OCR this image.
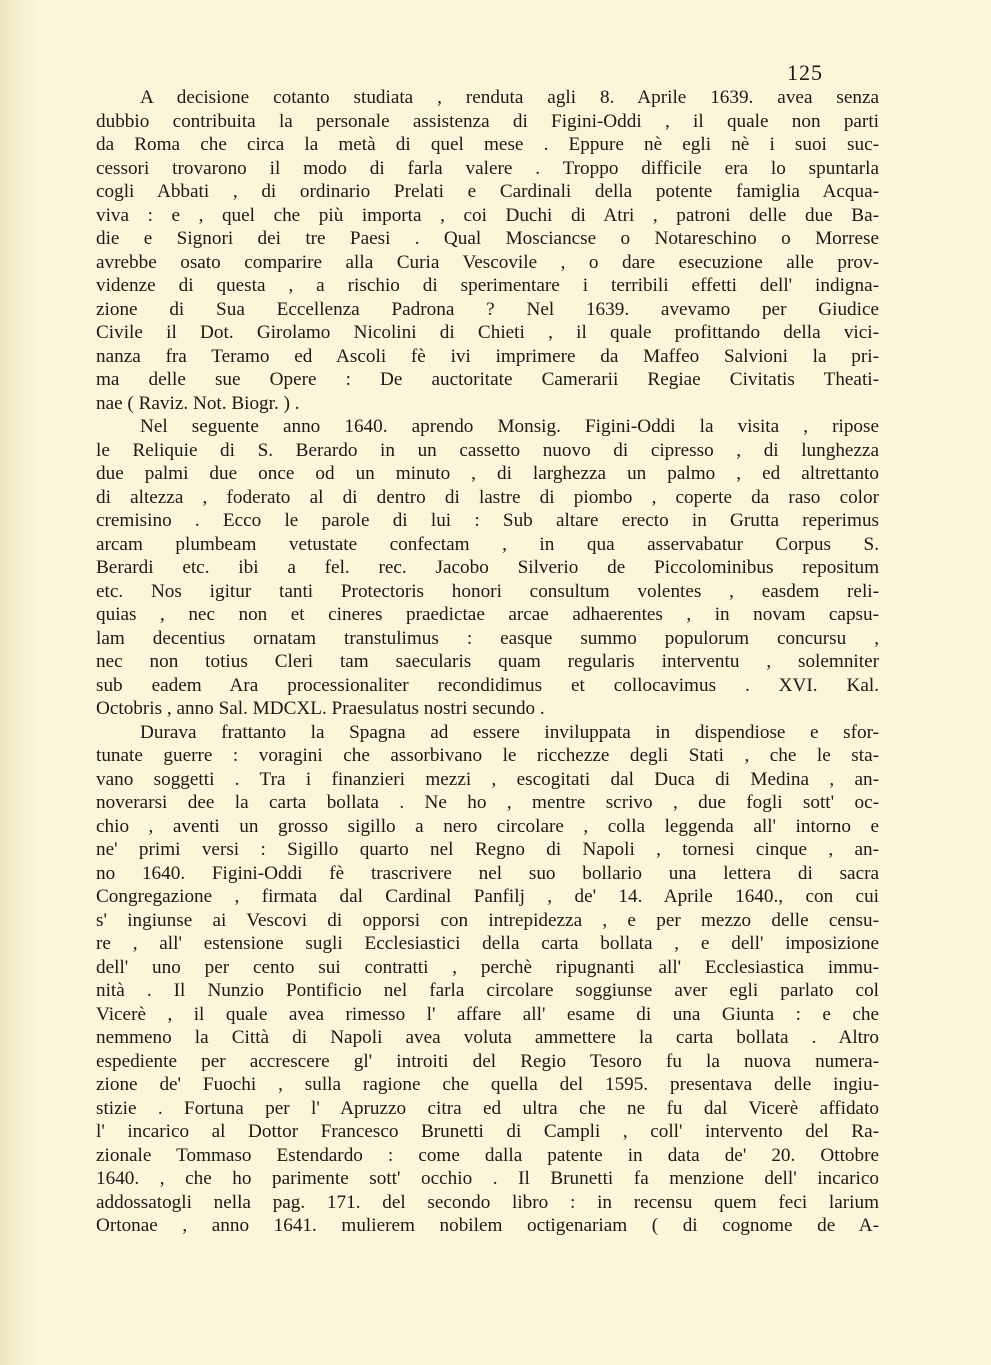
125
A decisione cotanto studiata , renduta agli 8. Aprile 1639. avea senza
dubbio contribuita la personale assistenza di Figini-Oddi , il quale non parti
da Roma che circa la metà di quel mese . Eppure nè egli nè i suoi suc-
cessori trovarono il modo di farla valere . Troppo difficile era lo spuntarla
cogli Abbati , di ordinario Prelati e Cardinali della potente famiglia Acqua-
viva : e , quel che più importa , coi Duchi di Atri , patroni delle due Ba-
die e Signori dei tre Paesi . Qual Mosciancse o Notareschino o Morrese
avrebbe osato comparire alla Curia Vescovile , o dare esecuzione alle prov-
videnze di questa , a rischio di sperimentare i terribili effetti dell' indigna-
zione di Sua Eccellenza Padrona ? Nel 1639. avevamo per Giudice
Civile il Dot. Girolamo Nicolini di Chieti , il quale profittando della vici-
nanza fra Teramo ed Ascoli fè ivi imprimere da Maffeo Salvioni la pri-
ma delle sue Opere : De auctoritate Camerarii Regiae Civitatis Theati-
nae ( Raviz. Not. Biogr. ) .
Nel seguente anno 1640. aprendo Monsig. Figini-Oddi la visita , ripose
le Reliquie di S. Berardo in un cassetto nuovo di cipresso , di lunghezza
due palmi due once od un minuto , di larghezza un palmo , ed altrettanto
di altezza , foderato al di dentro di lastre di piombo , coperte da raso color
cremisino . Ecco le parole di lui : Sub altare erecto in Grutta reperimus
arcam plumbeam vetustate confectam , in qua asservabatur Corpus S.
Berardi etc. ibi a fel. rec. Jacobo Silverio de Piccolominibus repositum
etc. Nos igitur tanti Protectoris honori consultum volentes , easdem reli-
quias , nec non et cineres praedictae arcae adhaerentes , in novam capsu-
lam decentius ornatam transtulimus : easque summo populorum concursu ,
nec non totius Cleri tam saecularis quam regularis interventu , solemniter
sub eadem Ara processionaliter recondidimus et collocavimus . XVI. Kal.
Octobris , anno Sal. MDCXL. Praesulatus nostri secundo .
Durava frattanto la Spagna ad essere inviluppata in dispendiose e sfor-
tunate guerre : voragini che assorbivano le ricchezze degli Stati , che le sta-
vano soggetti . Tra i finanzieri mezzi , escogitati dal Duca di Medina , an-
noverarsi dee la carta bollata . Ne ho , mentre scrivo , due fogli sott' oc-
chio , aventi un grosso sigillo a nero circolare , colla leggenda all' intorno e
ne' primi versi : Sigillo quarto nel Regno di Napoli , tornesi cinque , an-
no 1640. Figini-Oddi fè trascrivere nel suo bollario una lettera di sacra
Congregazione , firmata dal Cardinal Panfilj , de' 14. Aprile 1640., con cui
s' ingiunse ai Vescovi di opporsi con intrepidezza , e per mezzo delle censu-
re , all' estensione sugli Ecclesiastici della carta bollata , e dell' imposizione
dell' uno per cento sui contratti , perchè ripugnanti all' Ecclesiastica immu-
nità . Il Nunzio Pontificio nel farla circolare soggiunse aver egli parlato col
Vicerè , il quale avea rimesso l' affare all' esame di una Giunta : e che
nemmeno la Città di Napoli avea voluta ammettere la carta bollata . Altro
espediente per accrescere gl' introiti del Regio Tesoro fu la nuova numera-
zione de' Fuochi , sulla ragione che quella del 1595. presentava delle ingiu-
stizie . Fortuna per l' Apruzzo citra ed ultra che ne fu dal Vicerè affidato
l' incarico al Dottor Francesco Brunetti di Campli , coll' intervento del Ra-
zionale Tommaso Estendardo : come dalla patente in data de' 20. Ottobre
1640. , che ho parimente sott' occhio . Il Brunetti fa menzione dell' incarico
addossatogli nella pag. 171. del secondo libro : in recensu quem feci larium
Ortonae , anno 1641. mulierem nobilem octigenariam ( di cognome de A-
